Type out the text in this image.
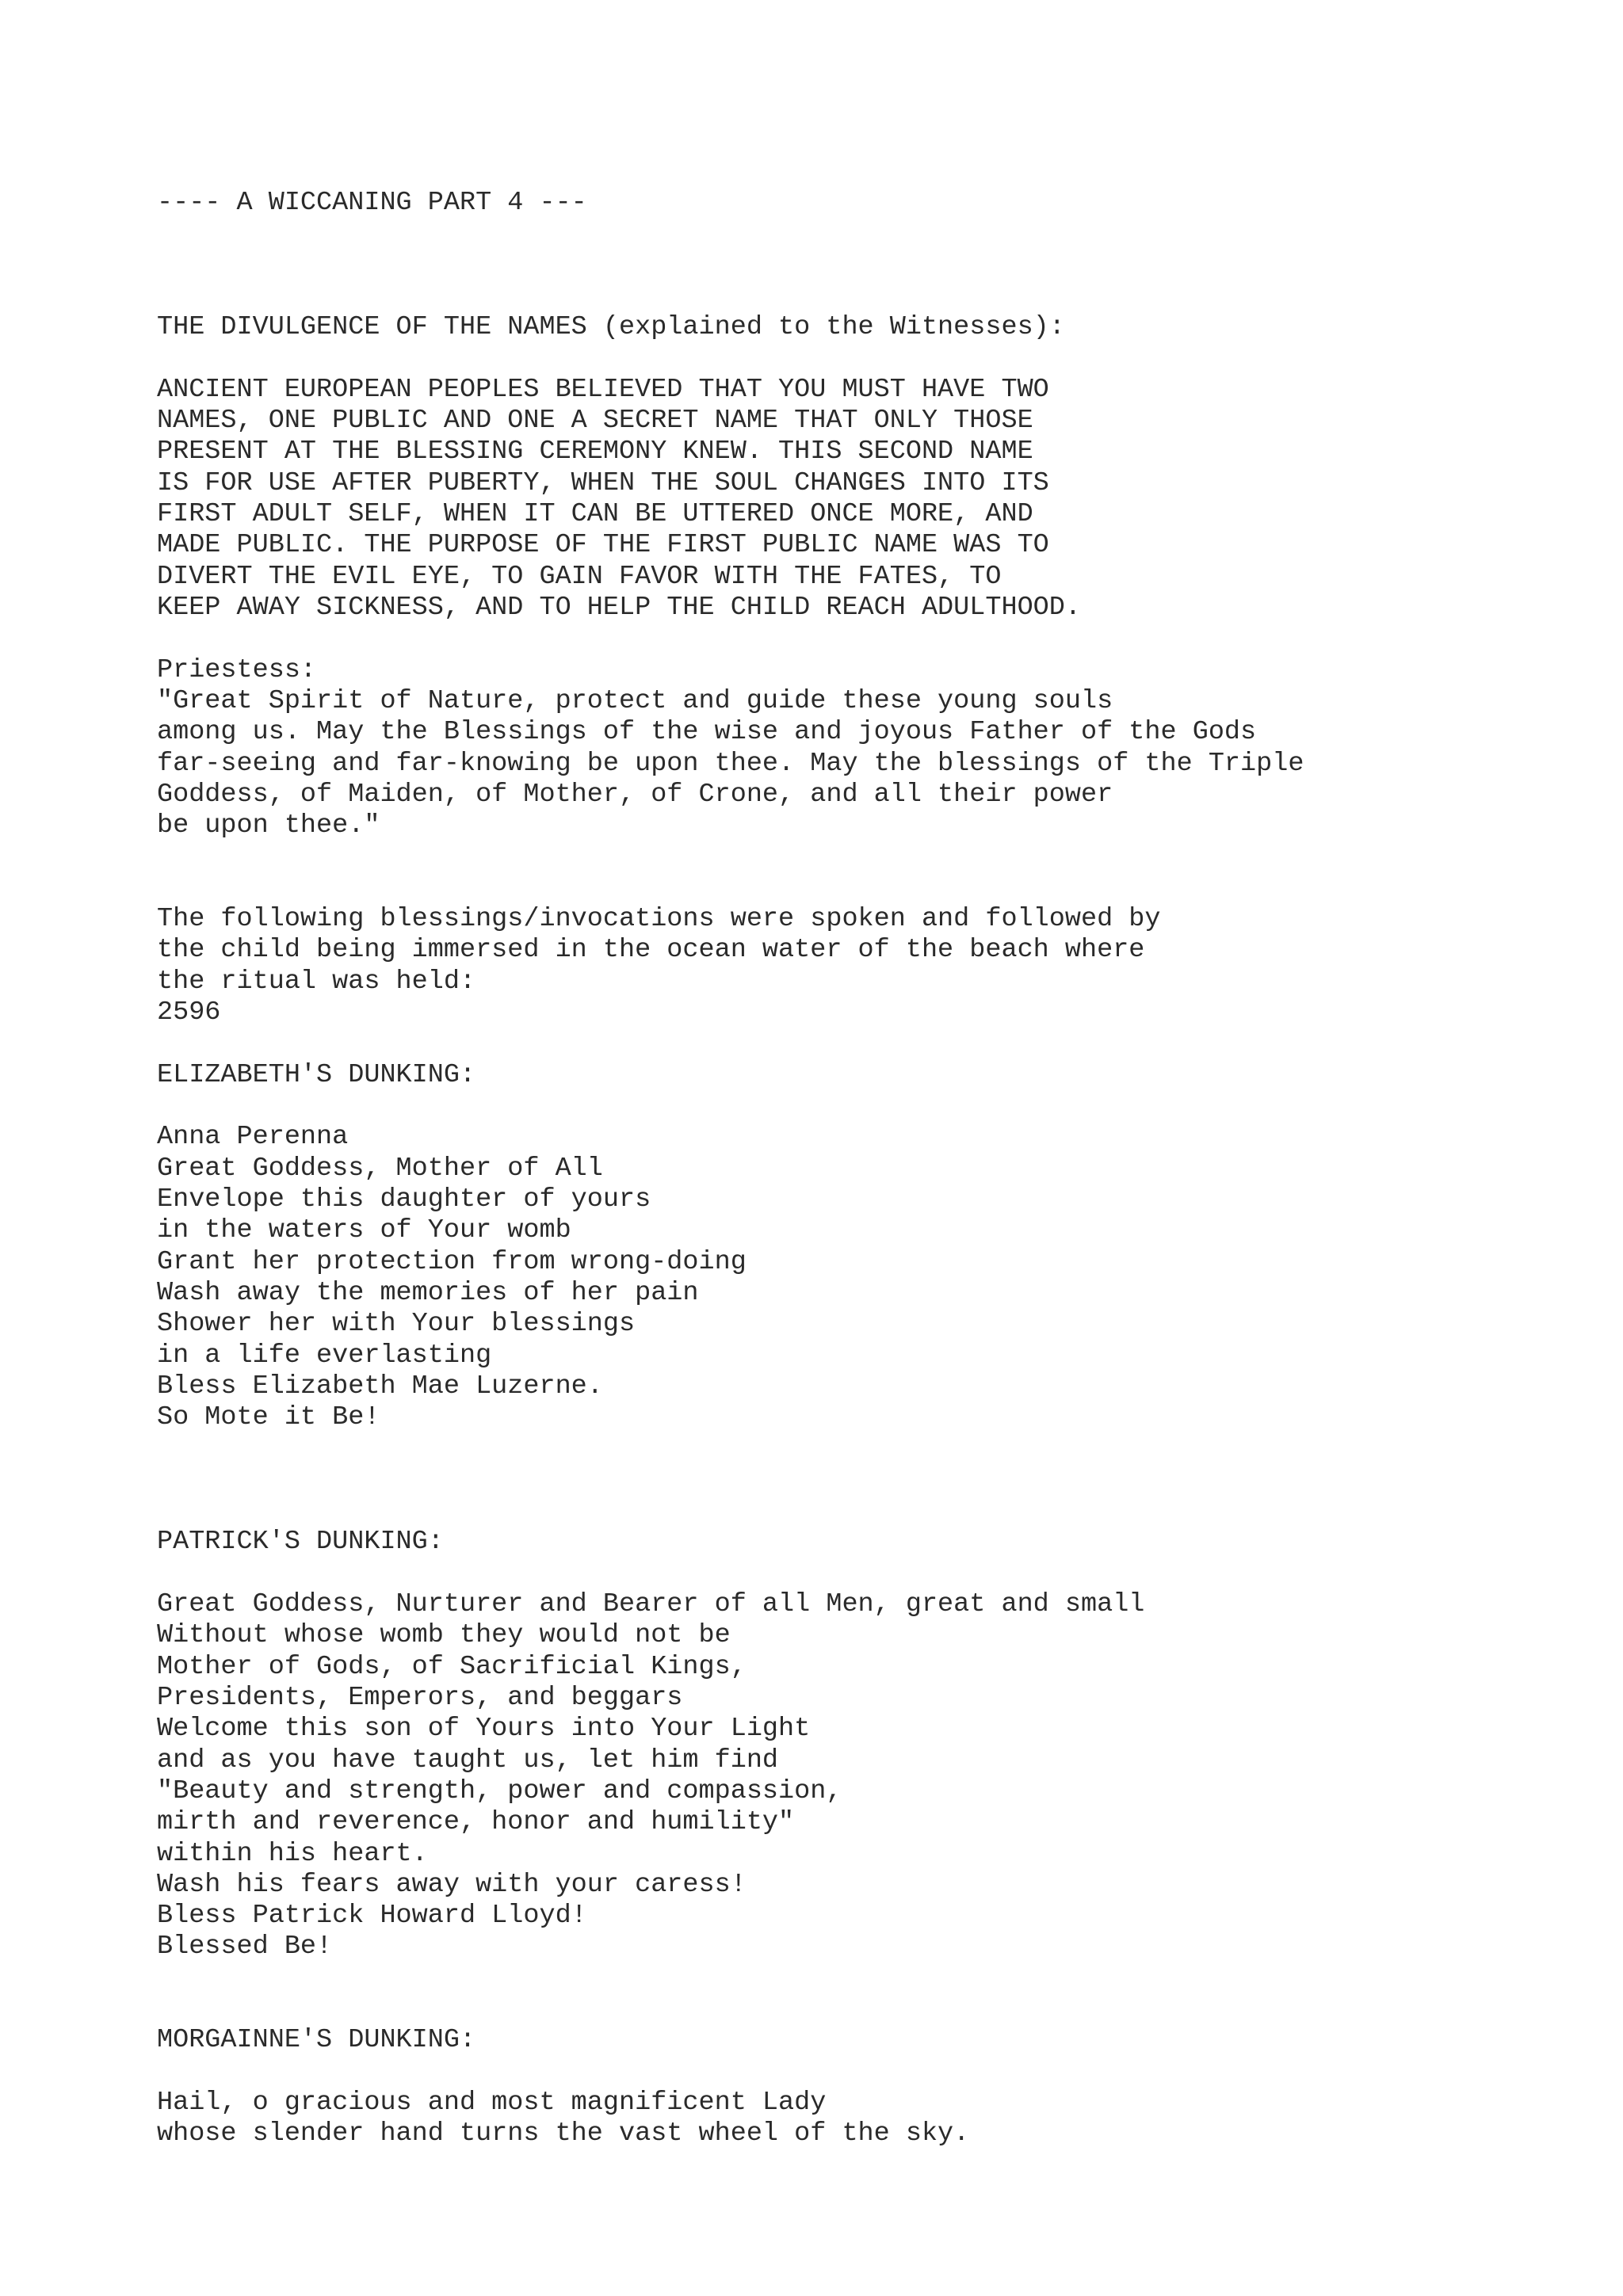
---- A WICCANING PART 4 ---

THE DIVULGENCE OF THE NAMES (explained to the Witnesses):

ANCIENT EUROPEAN PEOPLES BELIEVED THAT YOU MUST HAVE TWO

NAMES, ONE PUBLIC AND ONE A SECRET NAME THAT ONLY THOSE

PRESENT AT THE BLESSING CEREMONY KNEW. THIS SECOND NAME

IS FOR USE AFTER PUBERTY, WHEN THE SOUL CHANGES INTO ITS

FIRST ADULT SELF, WHEN IT CAN BE UTTERED ONCE MORE, AND

MADE PUBLIC. THE PURPOSE OF THE FIRST PUBLIC NAME WAS TO

DIVERT THE EVIL EYE, TO GAIN FAVOR WITH THE FATES, TO

KEEP AWAY SICKNESS, AND TO HELP THE CHILD REACH ADULTHOOD.

Priestess:

"Great Spirit of Nature, protect and guide these young souls

among us. May the Blessings of the wise and joyous Father of the Gods

far-seeing and far-knowing be upon thee. May the blessings of the Triple

Goddess, of Maiden, of Mother, of Crone, and all their power

be upon thee."

The following blessings/invocations were spoken and followed by

the child being immersed in the ocean water of the beach where

the ritual was held:

2596

ELIZABETH'S DUNKING:

Anna Perenna

Great Goddess, Mother of All

Envelope this daughter of yours

in the waters of Your womb

Grant her protection from wrong-doing

Wash away the memories of her pain

Shower her with Your blessings

in a life everlasting

Bless Elizabeth Mae Luzerne.

So Mote it Be!

PATRICK'S DUNKING:

Great Goddess, Nurturer and Bearer of all Men, great and small

Without whose womb they would not be

Mother of Gods, of Sacrificial Kings,

Presidents, Emperors, and beggars

Welcome this son of Yours into Your Light

and as you have taught us, let him find

"Beauty and strength, power and compassion,

mirth and reverence, honor and humility"

within his heart.

Wash his fears away with your caress!

Bless Patrick Howard Lloyd!

Blessed Be!

MORGAINNE'S DUNKING:

Hail, o gracious and most magnificent Lady

whose slender hand turns the vast wheel of the sky.
